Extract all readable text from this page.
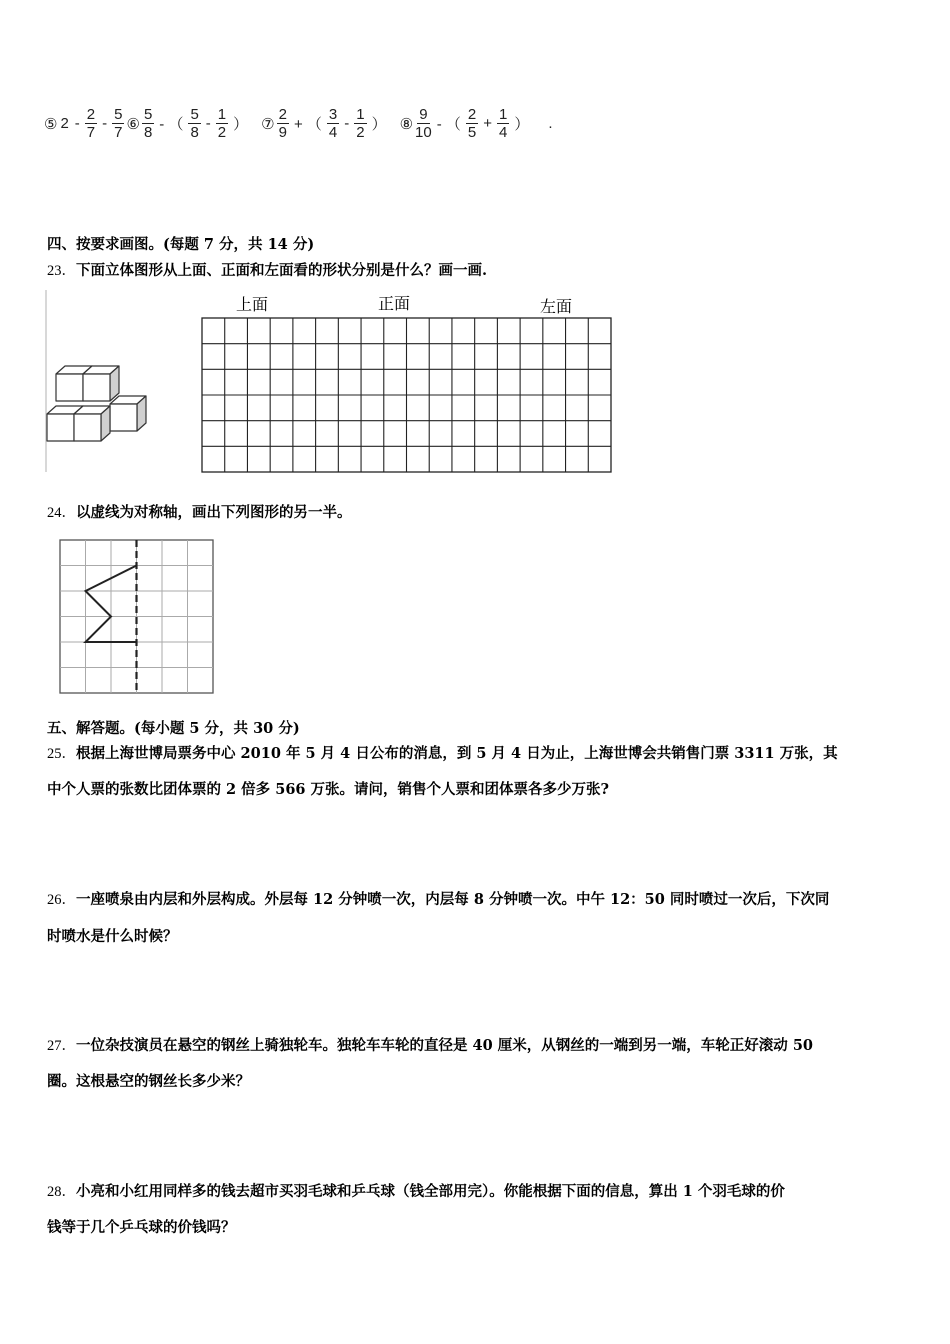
⑤ $2 - \frac{2}{7} - \frac{5}{7}$ ⑥ $\frac{5}{8}$ - （ $\frac{5}{8} - \frac{1}{2}$ ） ⑦ $\frac{2}{9}$ + （ $\frac{3}{4} - \frac{1}{2}$ ） ⑧ $\frac{9}{10}$ - （ $\frac{2}{5} + \frac{1}{4}$ ） .
四、按要求画图。(每题 7 分，共 14 分)
23．下面立体图形从上面、正面和左面看的形状分别是什么？画一画.
上面	正面	左面
24．以虚线为对称轴，画出下列图形的另一半。
五、解答题。(每小题 5 分，共 30 分)
25．根据上海世博局票务中心 2010 年 5 月 4 日公布的消息，到 5 月 4 日为止，上海世博会共销售门票 3311 万张，其
中个人票的张数比团体票的 2 倍多 566 万张。请问，销售个人票和团体票各多少万张?
26．一座喷泉由内层和外层构成。外层每 12 分钟喷一次，内层每 8 分钟喷一次。中午 12：50 同时喷过一次后，下次同
时喷水是什么时候？
27．一位杂技演员在悬空的钢丝上骑独轮车。独轮车车轮的直径是 40 厘米，从钢丝的一端到另一端，车轮正好滚动 50
圈。这根悬空的钢丝长多少米？
28．小亮和小红用同样多的钱去超市买羽毛球和乒乓球（钱全部用完）。你能根据下面的信息，算出 1 个羽毛球的价
钱等于几个乒乓球的价钱吗？
